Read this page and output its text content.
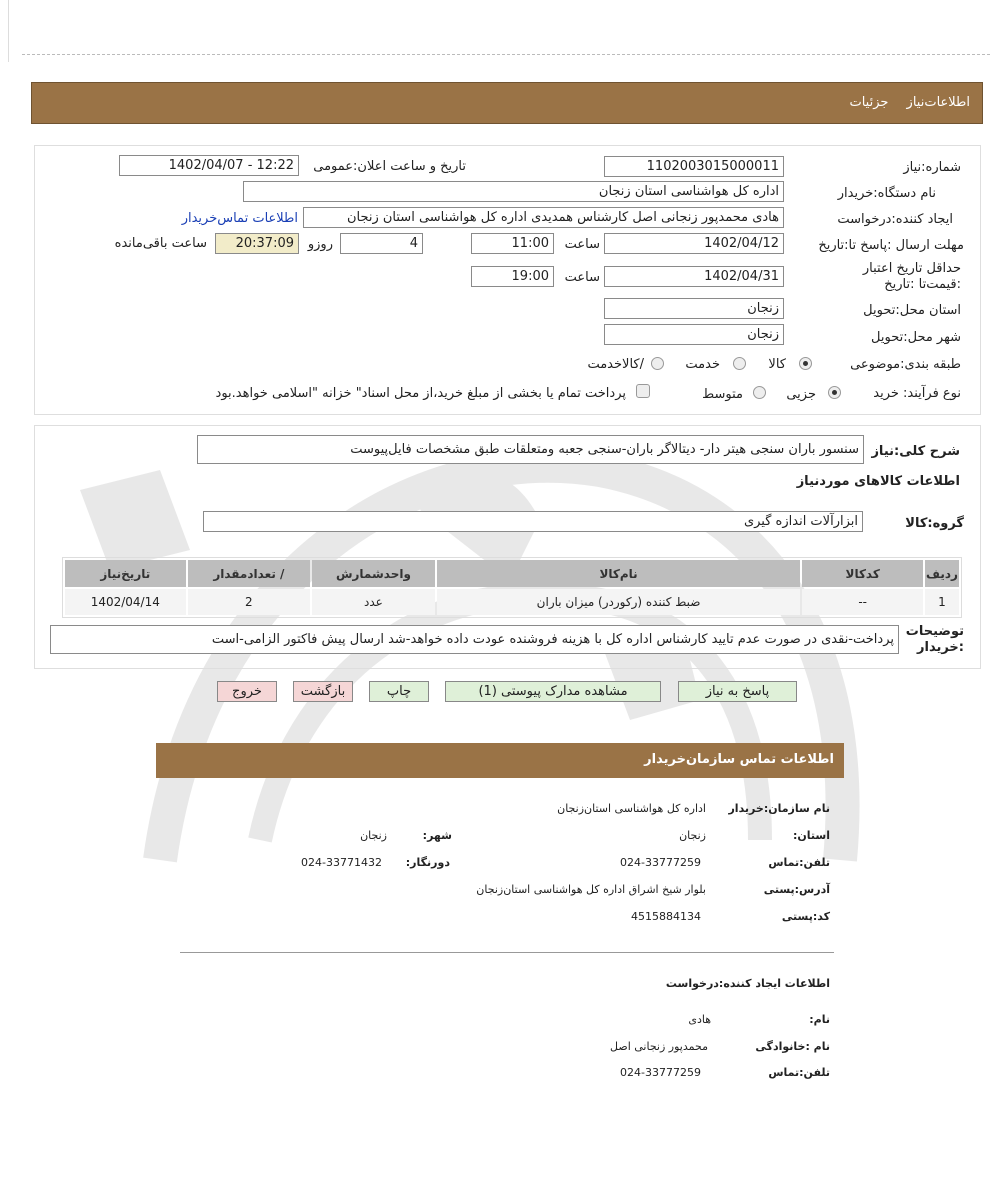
اطلاعات‌نیاز جزئیات
شماره:نیاز
1102003015000011
تاریخ و ساعت اعلان:عمومی
1402/04/07 - 12:22
نام دستگاه:خریدار
اداره کل هواشناسی استان زنجان
ایجاد کننده:درخواست
هادی محمدپور زنجانی اصل کارشناس همدیدی اداره کل هواشناسی استان زنجان
اطلاعات تماس‌خریدار
مهلت ارسال :پاسخ تا:تاریخ
1402/04/12
ساعت
11:00
4
روزو
20:37:09
ساعت باقی‌مانده
حداقل تاریخ اعتبار :قیمت‌تا :تاریخ
1402/04/31
ساعت
19:00
استان محل:تحویل
زنجان
شهر محل:تحویل
زنجان
طبقه بندی:موضوعی
کالا
خدمت
/کالاخدمت
نوع فرآیند: خرید
جزیی
متوسط
پرداخت تمام یا بخشی از مبلغ خرید،از محل اسناد" خزانه "اسلامی خواهد.بود
شرح کلی:نیاز
سنسور باران سنجی هیتر دار- دیتالاگر باران-سنجی جعبه ومتعلقات طبق مشخصات فایل‌پیوست
اطلاعات کالاهای موردنیاز
گروه:کالا
ابزارآلات اندازه گیری
ردیف	کدکالا	نام‌کالا	واحدشمارش	/ تعدادمقدار	تاریخ‌نیاز
1	--	ضبط کننده (رکوردر) میزان باران	عدد	2	1402/04/14
توضیحات :خریدار
پرداخت-نقدی در صورت عدم تایید کارشناس اداره کل با هزینه فروشنده عودت داده خواهد-شد ارسال پیش فاکتور الزامی-است
پاسخ به نیاز
مشاهده مدارک پیوستی (1)
چاپ
بازگشت
خروج
اطلاعات تماس سازمان‌خریدار
نام سازمان:خریدار
اداره کل هواشناسی استان‌زنجان
استان:
زنجان
شهر:
زنجان
تلفن:تماس
024-33777259
دورنگار:
024-33771432
آدرس:پستی
بلوار شیخ اشراق اداره کل هواشناسی استان‌زنجان
کد:پستی
4515884134
اطلاعات ایجاد کننده:درخواست
نام:
هادی
نام :خانوادگی
محمدپور زنجانی اصل
تلفن:تماس
024-33777259
